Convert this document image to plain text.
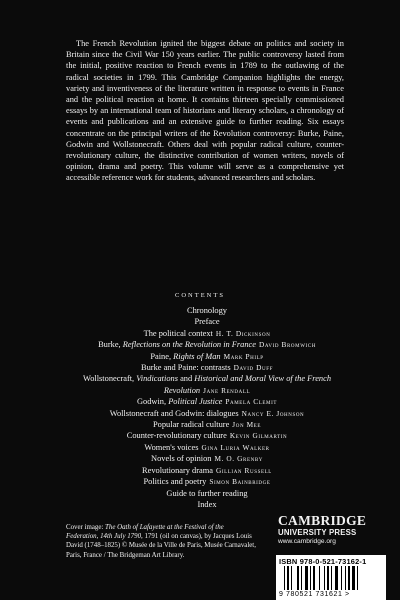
The French Revolution ignited the biggest debate on politics and society in Britain since the Civil War 150 years earlier. The public controversy lasted from the initial, positive reaction to French events in 1789 to the outlawing of the radical societies in 1799. This Cambridge Companion highlights the energy, variety and inventiveness of the literature written in response to events in France and the political reaction at home. It contains thirteen specially commissioned essays by an international team of historians and literary scholars, a chronology of events and publications and an extensive guide to further reading. Six essays concentrate on the principal writers of the Revolution controversy: Burke, Paine, Godwin and Wollstonecraft. Others deal with popular radical culture, counter-revolutionary culture, the distinctive contribution of women writers, novels of opinion, drama and poetry. This volume will serve as a comprehensive yet accessible reference work for students, advanced researchers and scholars.

CONTENTS
Chronology
Preface
The political context H. T. Dickinson
Burke, Reflections on the Revolution in France David Bromwich
Paine, Rights of Man Mark Philp
Burke and Paine: contrasts David Duff
Wollstonecraft, Vindications and Historical and Moral View of the French Revolution Jane Rendall
Godwin, Political Justice Pamela Clemit
Wollstonecraft and Godwin: dialogues Nancy E. Johnson
Popular radical culture Jon Mee
Counter-revolutionary culture Kevin Gilmartin
Women's voices Gina Luria Walker
Novels of opinion M. O. Grenby
Revolutionary drama Gillian Russell
Politics and poetry Simon Bainbridge
Guide to further reading
Index

Cover image: The Oath of Lafayette at the Festival of the Federation, 14th July 1790, 1791 (oil on canvas), by Jacques Louis David (1748–1825) © Musée de la Ville de Paris, Musée Carnavalet, Paris, France / The Bridgeman Art Library.

CAMBRIDGE
UNIVERSITY PRESS
www.cambridge.org
ISBN 978-0-521-73162-1
9 780521 731621 >
